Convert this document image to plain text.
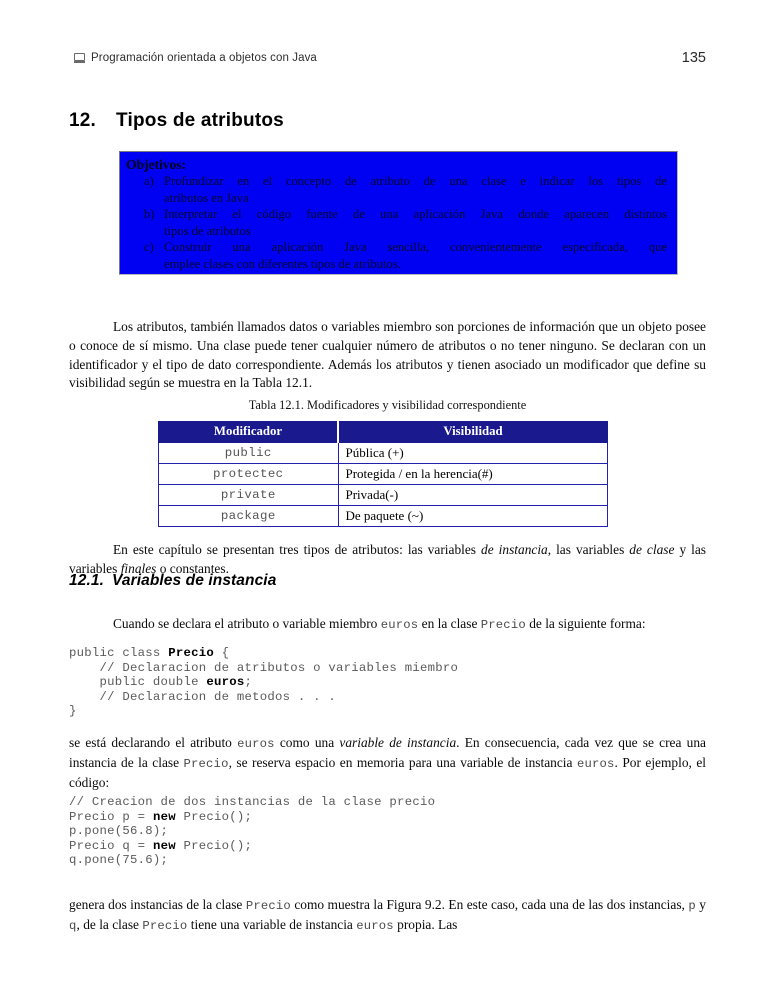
Programación orientada a objetos con Java	135
12. Tipos de atributos
Objetivos:
a) Profundizar en el concepto de atributo de una clase e indicar los tipos de
atributos en Java
b) Interpretar el código fuente de una aplicación Java donde aparecen distintos
tipos de atributos
c) Construir una aplicación Java sencilla, convenientemente especificada, que
emplee clases con diferentes tipos de atributos.

Los atributos, también llamados datos o variables miembro son porciones de información que un objeto posee o conoce de sí mismo. Una clase puede tener cualquier número de atributos o no tener ninguno. Se declaran con un identificador y el tipo de dato correspondiente. Además los atributos y tienen asociado un modificador que define su visibilidad según se muestra en la Tabla 12.1.

Tabla 12.1. Modificadores y visibilidad correspondiente
Modificador	Visibilidad
public	Pública (+)
protectec	Protegida / en la herencia(#)
private	Privada(-)
package	De paquete (~)

En este capítulo se presentan tres tipos de atributos: las variables de instancia, las variables de clase y las variables finales o constantes.

12.1. Variables de instancia

Cuando se declara el atributo o variable miembro euros en la clase Precio de la siguiente forma:

public class Precio {
// Declaracion de atributos o variables miembro
public double euros;
// Declaracion de metodos . . .
}

se está declarando el atributo euros como una variable de instancia. En consecuencia, cada vez que se crea una instancia de la clase Precio, se reserva espacio en memoria para una variable de instancia euros. Por ejemplo, el código:

// Creacion de dos instancias de la clase precio
Precio p = new Precio();
p.pone(56.8);
Precio q = new Precio();
q.pone(75.6);

genera dos instancias de la clase Precio como muestra la Figura 9.2. En este caso, cada una de las dos instancias, p y q, de la clase Precio tiene una variable de instancia euros propia. Las
